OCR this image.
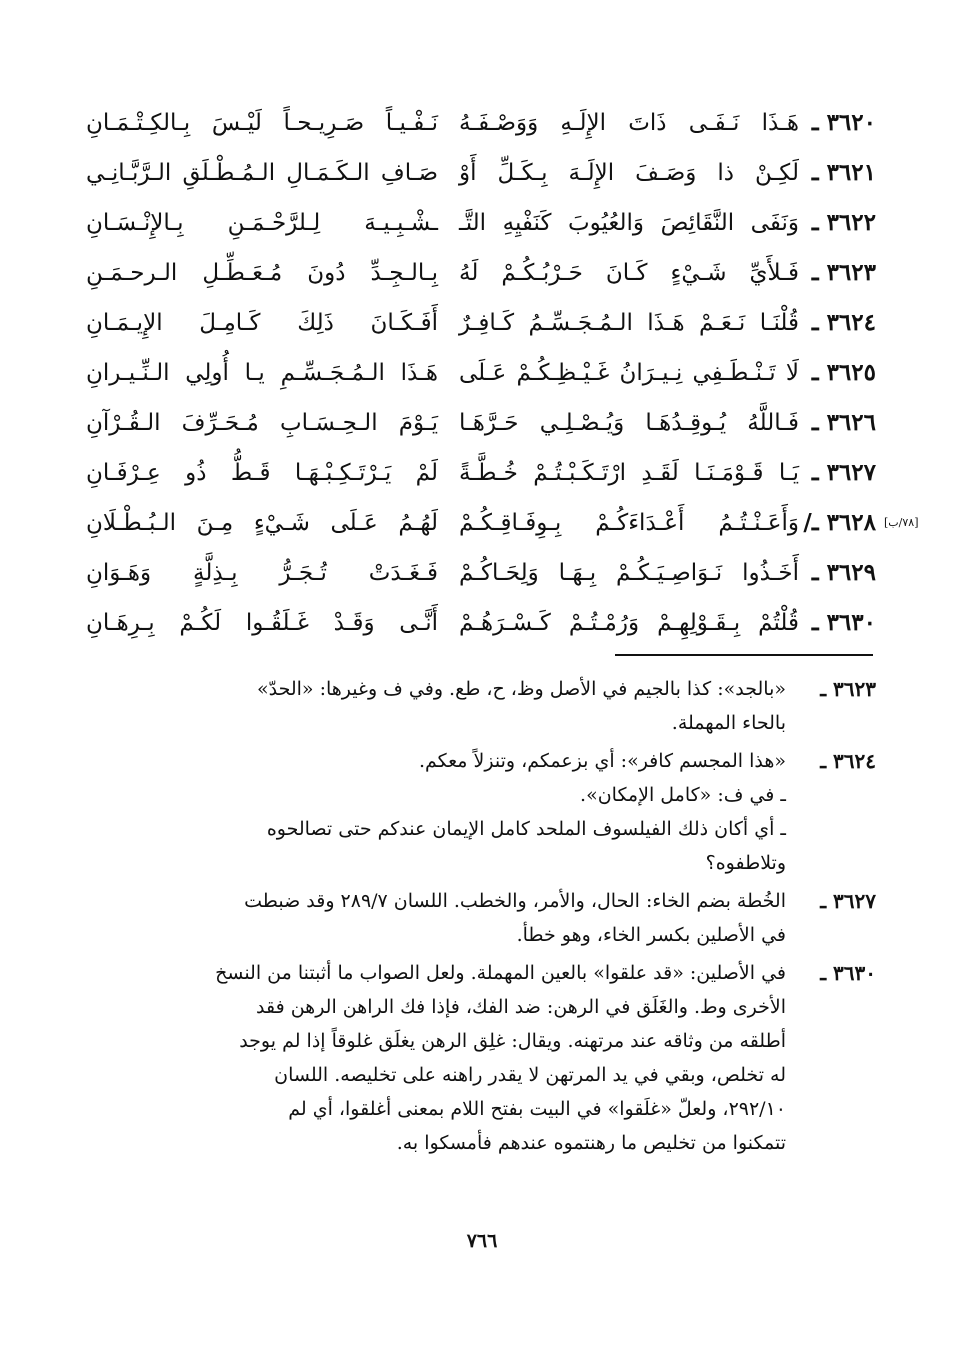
٣٦٢٠ ـ
هَـذَا نَـفَـى ذَاتَ الإِلَـهِ وَوَصْـفَـهُ
نَـفْـيـاً صَـرِيـحـاً لَيْـسَ بِـالكِـتْـمَـانِ
٣٦٢١ ـ
لَكِـنْ ذا وَصَـفَ الإِلَـهَ بِـكَـلِّ أَوْ
صَـافِ الـكَـمَـالِ الـمُـطْـلَقِ الـرَّبَّـانِـي
٣٦٢٢ ـ
وَنَفَى النَّقَائِصَ وَالعُيُوبَ كَنَفْيِهِ التَّـ
ـشْـبِـيـهَ لِـلرَّحْـمَـنِ بِـالإِنْـسَـانِ
٣٦٢٣ ـ
فَـلأَيِّ شَـيْءٍ كَـانَ حَـرْبُـكُـمْ لَهُ
بِـالـجِـدِّ دُونَ مُـعَـطِّـلِ الـرحـمَـنِ
٣٦٢٤ ـ
قُلْنَـا نَـعَـمْ هَـذَا الـمُـجَـسِّـمُ كَـافِـرٌ
أَفَـكَـانَ ذَلِكَ كَـامِـلَ الإِيـمَـانِ
٣٦٢٥ ـ
لَا تَـنْـطَـفِي نِـيـرَانُ غَـيْـظِـكُـمْ عَـلَى
هَـذَا الـمُـجَـسِّـمِ يـا أُولِي الـنِّـيـرانِ
٣٦٢٦ ـ
فَـاللَّهُ يُـوقِـدُهَـا وَيُـصْـلِـي حَـرَّهَـا
يَـوْمَ الـحِـسَـابِ مُـحَـرِّفَ الـقُـرْآنِ
٣٦٢٧ ـ
يَـا قَـوْمَـنَـا لَقَـدِ ارْتَـكَـبْـتُـمْ خُـطَّـةً
لَمْ يَـرْتَـكِـبْـهَـا قَـطُّ ذُو عِـرْفَـانِ
[٧٨/ب]
٣٦٢٨ ـ/
وَأَعَـنْـتُـمُ أَعْـدَاءَكُـمْ بِـوِفَـاقِـكُـمْ
لَهُـمُ عَـلَى شَـيْءٍ مِـنَ الـبُـطْـلَانِ
٣٦٢٩ ـ
أَخَـذُوا نَـوَاصِـيَـكُـمْ بِـهَـا وَلِحَـاكُـمْ
فَـغَـدَتْ تُـجَـرُّ بِـذِلَّةٍ وَهَـوَانِ
٣٦٣٠ ـ
قُلْتُمْ بِـقَـوْلِهِـمْ وَرُمْـتُـمْ كَـسْـرَهُـمْ
أَنَّـى وَقَـدْ غَـلَقُـوا لَكُـمْ بِـرِهَـانِ
٣٦٢٣ ـ
«بالجد»: كذا بالجيم في الأصل وظ، ح، طع. وفي ف وغيرها: «الحدّ»
بالحاء المهملة.
٣٦٢٤ ـ
«هذا المجسم كافر»: أي بزعمكم، وتنزلاً معكم.
ـ في ف: «كامل الإمكان».
ـ أي أكان ذلك الفيلسوف الملحد كامل الإيمان عندكم حتى تصالحوه
وتلاطفوه؟
٣٦٢٧ ـ
الخُطة بضم الخاء: الحال، والأمر، والخطب. اللسان ٢٨٩/٧ وقد ضبطت
في الأصلين بكسر الخاء، وهو خطأ.
٣٦٣٠ ـ
في الأصلين: «قد علقوا» بالعين المهملة. ولعل الصواب ما أثبتنا من النسخ
الأخرى وط. والغَلَق في الرهن: ضد الفك، فإذا فك الراهن الرهن فقد
أطلقه من وثاقه عند مرتهنه. ويقال: غلِق الرهن يغلَق غلوقاً إذا لم يوجد
له تخلص، وبقي في يد المرتهن لا يقدر راهنه على تخليصه. اللسان
٢٩٢/١٠، ولعلّ «غلَقوا» في البيت بفتح اللام بمعنى أغلقوا، أي لم
تتمكنوا من تخليص ما رهنتموه عندهم فأمسكوا به.
٧٦٦
